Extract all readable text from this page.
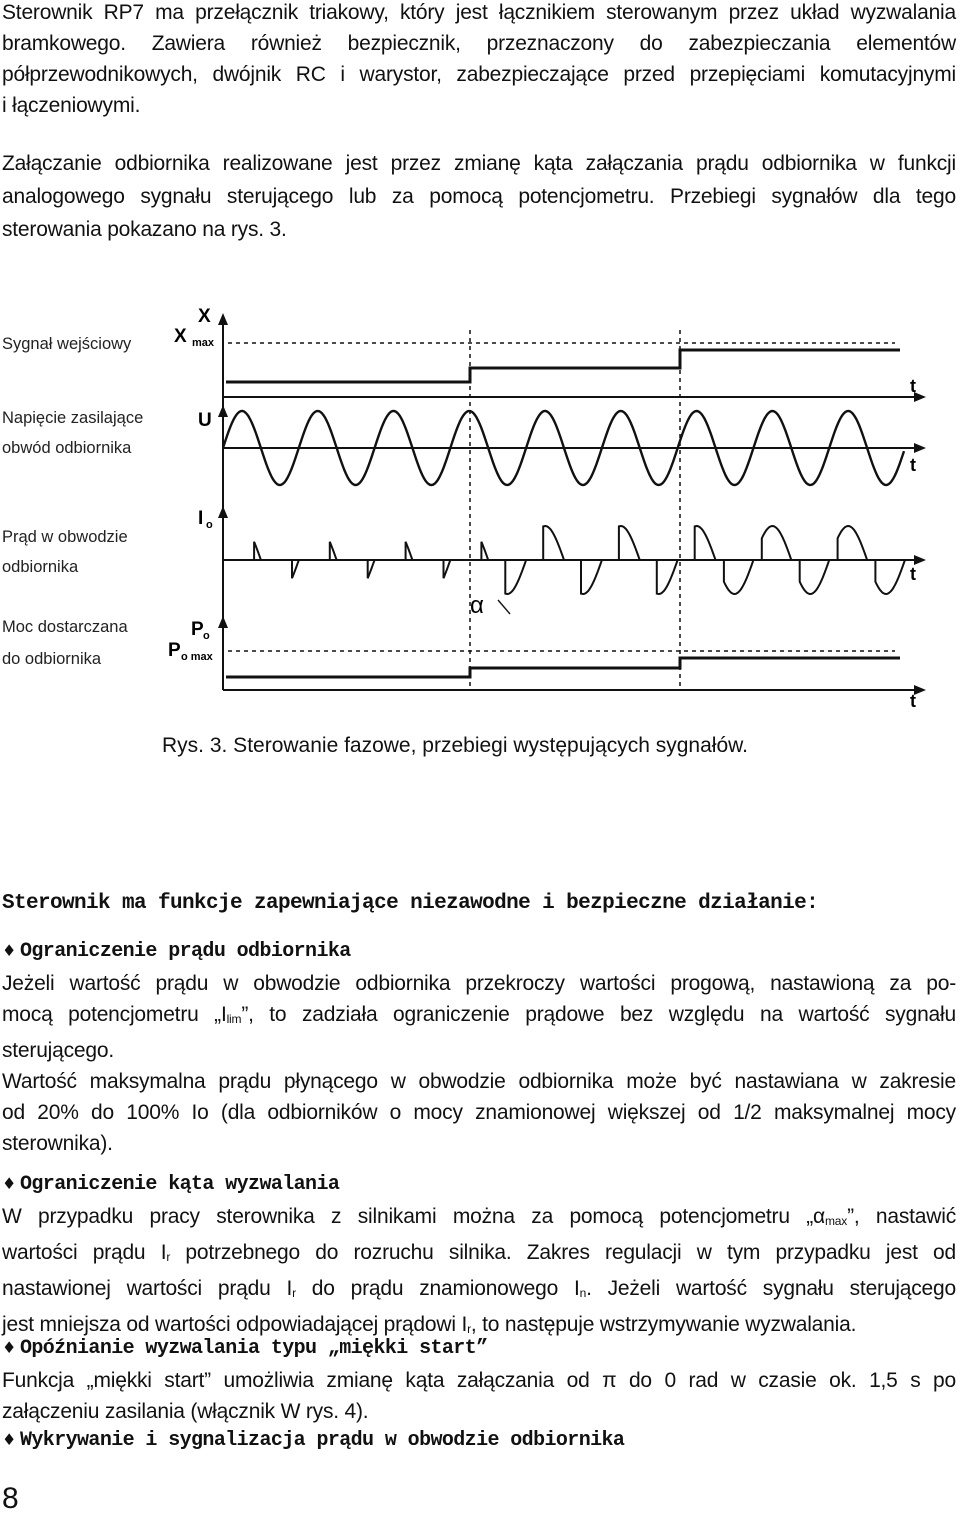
Sterownik RP7 ma przełącznik triakowy, który jest łącznikiem sterowanym przez układ wyzwalania
bramkowego. Zawiera również bezpiecznik, przeznaczony do zabezpieczania elementów
półprzewodnikowych, dwójnik RC i warystor, zabezpieczające przed przepięciami komutacyjnymi
i łączeniowymi.
Załączanie odbiornika realizowane jest przez zmianę kąta załączania prądu odbiornika w funkcji
analogowego sygnału sterującego lub za pomocą potencjometru. Przebiegi sygnałów dla tego
sterowania pokazano na rys. 3.
Sygnał wejściowy
Napięcie zasilające
obwód odbiornika
Prąd w obwodzie
odbiornika
Moc dostarczana
do odbiornika
X
X max
U
I o
P o
P o max
t
t
t
t
α
Rys. 3. Sterowanie fazowe, przebiegi występujących sygnałów.
Sterownik ma funkcje zapewniające niezawodne i bezpieczne działanie:
♦ Ograniczenie prądu odbiornika
Jeżeli wartość prądu w obwodzie odbiornika przekroczy wartości progową, nastawioną za po-
mocą potencjometru $„I_{lim}$”, to zadziała ograniczenie prądowe bez względu na wartość sygnału
sterującego.
Wartość maksymalna prądu płynącego w obwodzie odbiornika może być nastawiana w zakresie
od 20% do 100% Io (dla odbiorników o mocy znamionowej większej od 1/2 maksymalnej mocy
sterownika).
♦ Ograniczenie kąta wyzwalania
W przypadku pracy sterownika z silnikami można za pomocą potencjometru $„\alpha_{max}$”, nastawić
wartości prądu $I_r$ potrzebnego do rozruchu silnika. Zakres regulacji w tym przypadku jest od
nastawionej wartości prądu $I_r$ do prądu znamionowego $I_n$. Jeżeli wartość sygnału sterującego
jest mniejsza od wartości odpowiadającej prądowi $I_r$, to następuje wstrzymywanie wyzwalania.
♦ Opóźnianie wyzwalania typu „miękki start”
Funkcja „miękki start” umożliwia zmianę kąta załączania od π do 0 rad w czasie ok. 1,5 s po
załączeniu zasilania (włącznik W rys. 4).
♦ Wykrywanie i sygnalizacja prądu w obwodzie odbiornika
8
